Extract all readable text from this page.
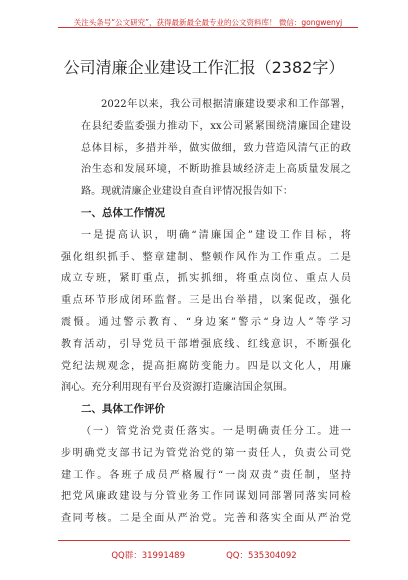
关注头条号“公文研究”，获得最新最全最专业的公文资料库！ 微信：gongwenyj
公司清廉企业建设工作汇报（2382字）
2022年以来，我公司根据清廉建设要求和工作部署，
在县纪委监委强力推动下，xx公司紧紧围绕清廉国企建设
总体目标，多措并举，做实做细，致力营造风清气正的政
治生态和发展环境，不断助推县域经济走上高质量发展之
路。现就清廉企业建设自查自评情况报告如下：
一、总体工作情况
一是提高认识，明确“清廉国企”建设工作目标，将
强化组织抓手、整章建制、整顿作风作为工作重点。二是
成立专班，紧盯重点，抓实抓细，将重点岗位、重点人员
重点环节形成闭环监督。三是出台举措，以案促改，强化
震慑。通过警示教育、“身边案”警示“身边人”等学习
教育活动，引导党员干部增强底线、红线意识，不断强化
党纪法规观念，提高拒腐防变能力。四是以文化人，用廉
润心。充分利用现有平台及资源打造廉洁国企氛围。
二、具体工作评价
（一）管党治党责任落实。一是明确责任分工。进一
步明确党支部书记为管党治党的第一责任人，负责公司党
建工作。各班子成员严格履行“一岗双责”责任制，坚持
把党风廉政建设与分管业务工作同谋划同部署同落实同检
查同考核。二是全面从严治党。完善和落实全面从严治党
QQ群：31991489	QQ：535304092
